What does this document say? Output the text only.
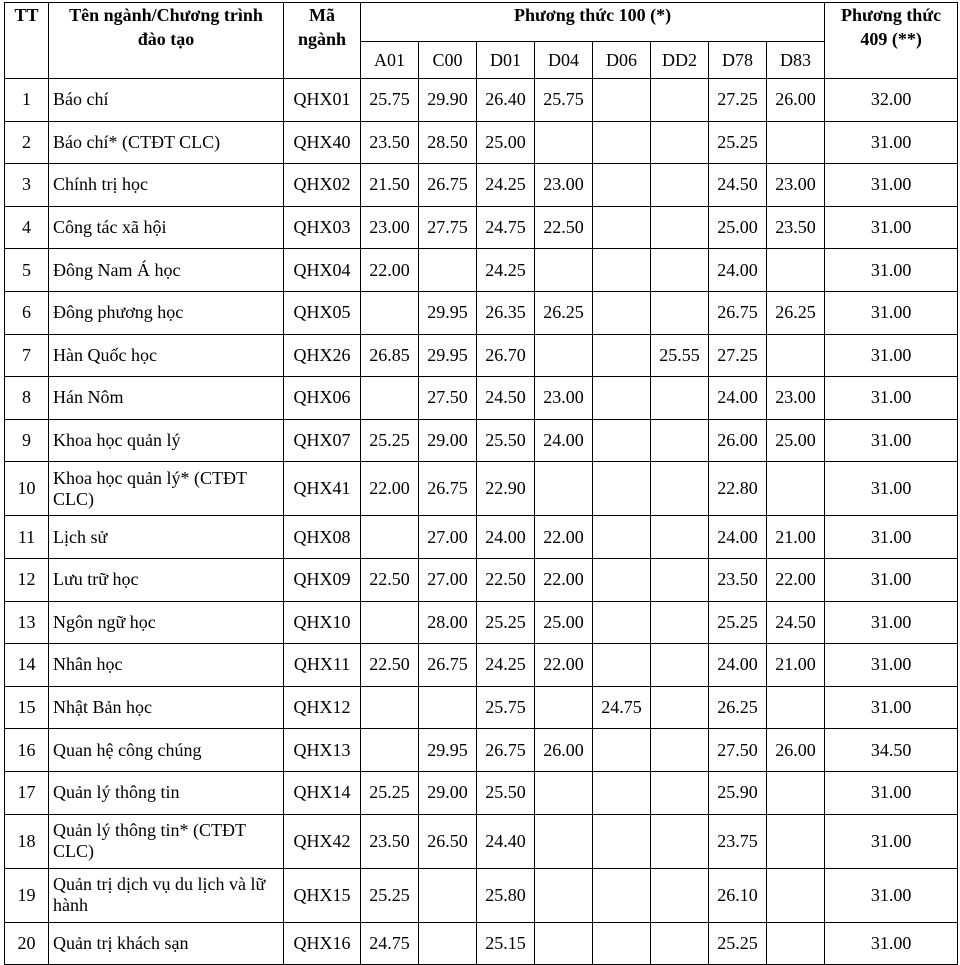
TT	Tên ngành/Chương trình đào tạo	Mã ngành	Phương thức 100 (*)								Phương thức 409 (**)
			A01	C00	D01	D04	D06	DD2	D78	D83	
1	Báo chí	QHX01	25.75	29.90	26.40	25.75			27.25	26.00	32.00
2	Báo chí* (CTĐT CLC)	QHX40	23.50	28.50	25.00				25.25		31.00
3	Chính trị học	QHX02	21.50	26.75	24.25	23.00			24.50	23.00	31.00
4	Công tác xã hội	QHX03	23.00	27.75	24.75	22.50			25.00	23.50	31.00
5	Đông Nam Á học	QHX04	22.00		24.25				24.00		31.00
6	Đông phương học	QHX05		29.95	26.35	26.25			26.75	26.25	31.00
7	Hàn Quốc học	QHX26	26.85	29.95	26.70			25.55	27.25		31.00
8	Hán Nôm	QHX06		27.50	24.50	23.00			24.00	23.00	31.00
9	Khoa học quản lý	QHX07	25.25	29.00	25.50	24.00			26.00	25.00	31.00
10	Khoa học quản lý* (CTĐT CLC)	QHX41	22.00	26.75	22.90				22.80		31.00
11	Lịch sử	QHX08		27.00	24.00	22.00			24.00	21.00	31.00
12	Lưu trữ học	QHX09	22.50	27.00	22.50	22.00			23.50	22.00	31.00
13	Ngôn ngữ học	QHX10		28.00	25.25	25.00			25.25	24.50	31.00
14	Nhân học	QHX11	22.50	26.75	24.25	22.00			24.00	21.00	31.00
15	Nhật Bản học	QHX12			25.75		24.75		26.25		31.00
16	Quan hệ công chúng	QHX13		29.95	26.75	26.00			27.50	26.00	34.50
17	Quản lý thông tin	QHX14	25.25	29.00	25.50				25.90		31.00
18	Quản lý thông tin* (CTĐT CLC)	QHX42	23.50	26.50	24.40				23.75		31.00
19	Quản trị dịch vụ du lịch và lữ hành	QHX15	25.25		25.80				26.10		31.00
20	Quản trị khách sạn	QHX16	24.75		25.15				25.25		31.00
